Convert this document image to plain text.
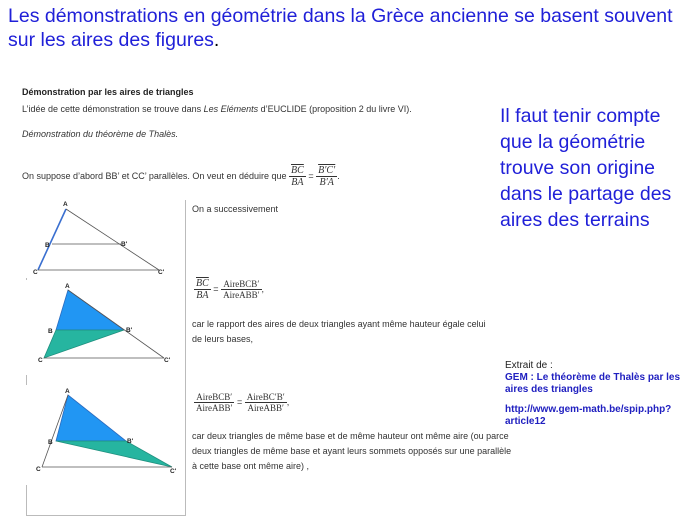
Les démonstrations en géométrie dans la Grèce ancienne se basent souvent sur les aires des figures.
Démonstration par les aires de triangles
L’idée de cette démonstration se trouve dans Les Eléments d’EUCLIDE (proposition 2 du livre VI).
Démonstration du théorème de Thalès.
On suppose d’abord BB’ et CC’ parallèles. On veut en déduire que $\frac{\overline{BC}}{BA} = \frac{B'C'}{B'A}$ .
A
B	B'
C	C'
A
B	B'
C	C'
A
B	B'
C	C'
On a successivement
$\frac{\overline{BC}}{BA} = \frac{\text{AireBCB′}}{\text{AireABB′}}$ ,
car le rapport des aires de deux triangles ayant même hauteur égale celui de leurs bases,
$\frac{\text{AireBCB′}}{\text{AireABB′}} = \frac{\text{AireBC′B′}}{\text{AireABB′}}$ ,
car deux triangles de même base et de même hauteur ont même aire (ou parce deux triangles de même base et ayant leurs sommets opposés sur une parallèle à cette base ont même aire) ,
Il faut tenir compte que la géométrie trouve son origine dans le partage des aires des terrains
Extrait de :
GEM : Le théorème de Thalès par les aires des triangles
http://www.gem-math.be/spip.php?article12
